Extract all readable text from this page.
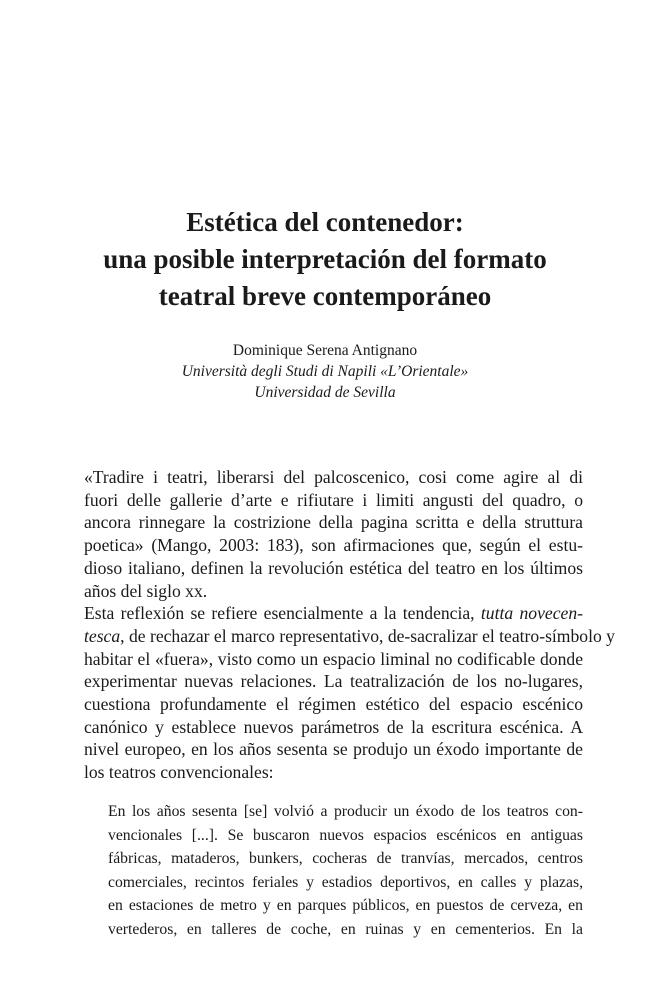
Estética del contenedor:
una posible interpretación del formato
teatral breve contemporáneo
Dominique Serena Antignano
Università degli Studi di Napili «L’Orientale»
Universidad de Sevilla

«Tradire i teatri, liberarsi del palcoscenico, cosi come agire al di
fuori delle gallerie d’arte e rifiutare i limiti angusti del quadro, o
ancora rinnegare la costrizione della pagina scritta e della struttura
poetica» (Mango, 2003: 183), son afirmaciones que, según el estu-
dioso italiano, definen la revolución estética del teatro en los últimos
años del siglo xx.

Esta reflexión se refiere esencialmente a la tendencia, tutta novecen-
tesca, de rechazar el marco representativo, de-sacralizar el teatro-símbolo y
habitar el «fuera», visto como un espacio liminal no codificable donde
experimentar nuevas relaciones. La teatralización de los no-lugares,
cuestiona profundamente el régimen estético del espacio escénico
canónico y establece nuevos parámetros de la escritura escénica. A
nivel europeo, en los años sesenta se produjo un éxodo importante de
los teatros convencionales:

En los años sesenta [se] volvió a producir un éxodo de los teatros con-
vencionales [...]. Se buscaron nuevos espacios escénicos en antiguas
fábricas, mataderos, bunkers, cocheras de tranvías, mercados, centros
comerciales, recintos feriales y estadios deportivos, en calles y plazas,
en estaciones de metro y en parques públicos, en puestos de cerveza, en
vertederos, en talleres de coche, en ruinas y en cementerios. En la
